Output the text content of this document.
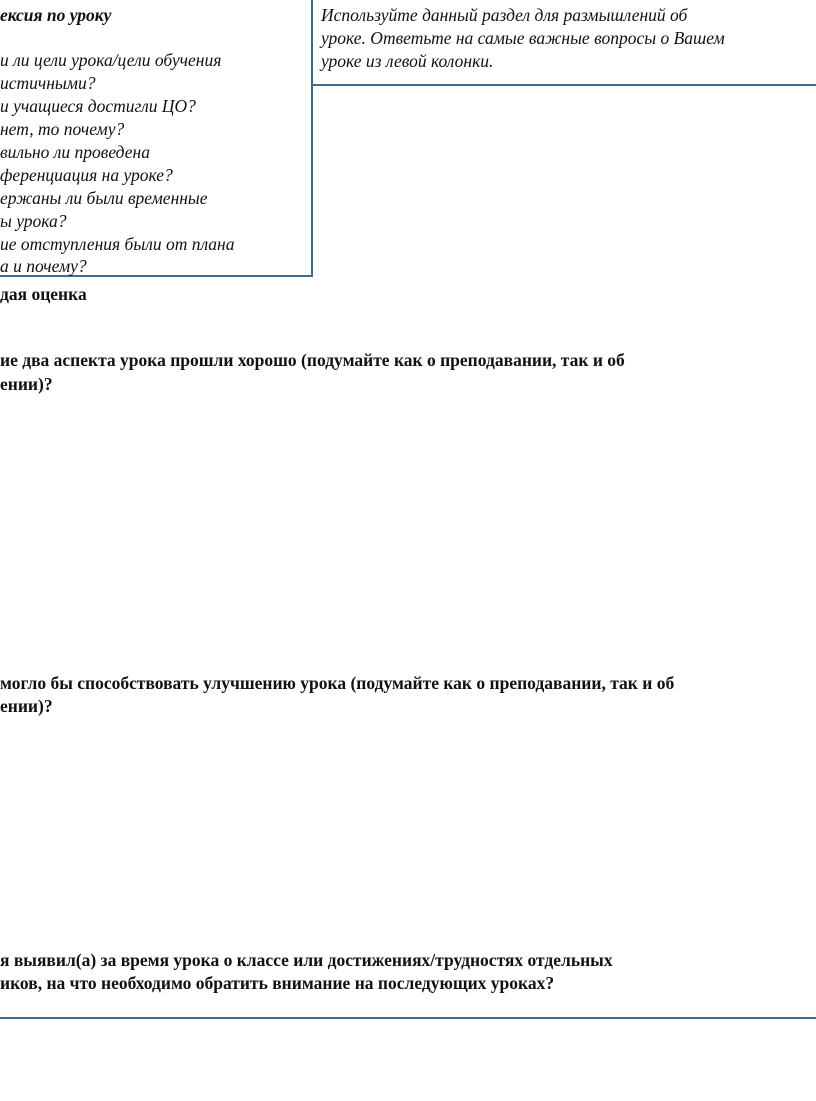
ексия по уроку
и ли цели урока/цели обучения
истичными?
и учащиеся достигли ЦО?
нет, то почему?
вильно ли проведена
ференциация на уроке?
ержаны ли были временные
ы урока?
ие отступления были от плана
а и почему?
Используйте данный раздел для размышлений об
уроке. Ответьте на самые важные вопросы о Вашем
уроке из левой колонки.
дая оценка
ие два аспекта урока прошли хорошо (подумайте как о преподавании, так и об
ении)?
могло бы способствовать улучшению урока (подумайте как о преподавании, так и об
ении)?
я выявил(а) за время урока о классе или достижениях/трудностях отдельных
иков, на что необходимо обратить внимание на последующих уроках?
